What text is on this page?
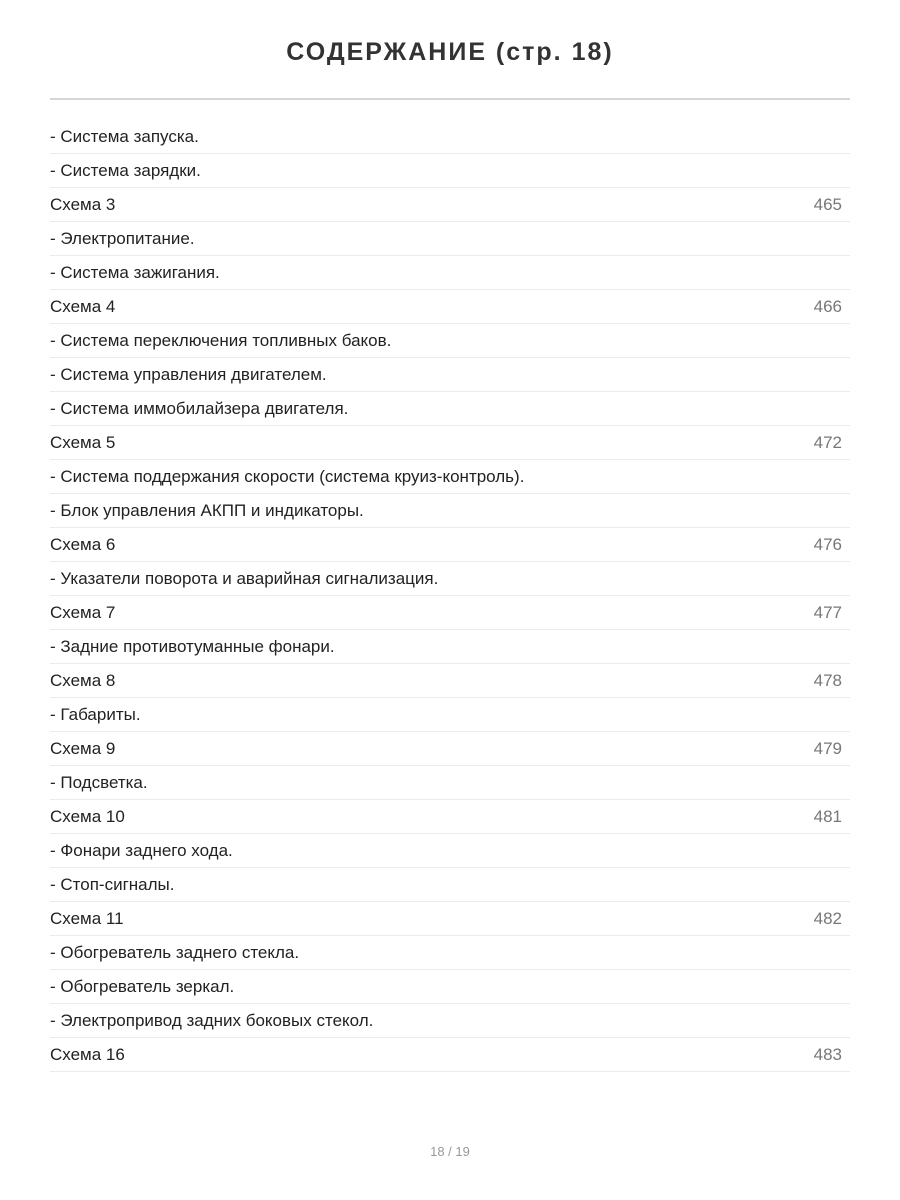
СОДЕРЖАНИЕ (стр. 18)
- Система запуска.
- Система зарядки.
Схема 3	465
- Электропитание.
- Система зажигания.
Схема 4	466
- Система переключения топливных баков.
- Система управления двигателем.
- Система иммобилайзера двигателя.
Схема 5	472
- Система поддержания скорости (система круиз-контроль).
- Блок управления АКПП и индикаторы.
Схема 6	476
- Указатели поворота и аварийная сигнализация.
Схема 7	477
- Задние противотуманные фонари.
Схема 8	478
- Габариты.
Схема 9	479
- Подсветка.
Схема 10	481
- Фонари заднего хода.
- Стоп-сигналы.
Схема 11	482
- Обогреватель заднего стекла.
- Обогреватель зеркал.
- Электропривод задних боковых стекол.
Схема 16	483
18 / 19
